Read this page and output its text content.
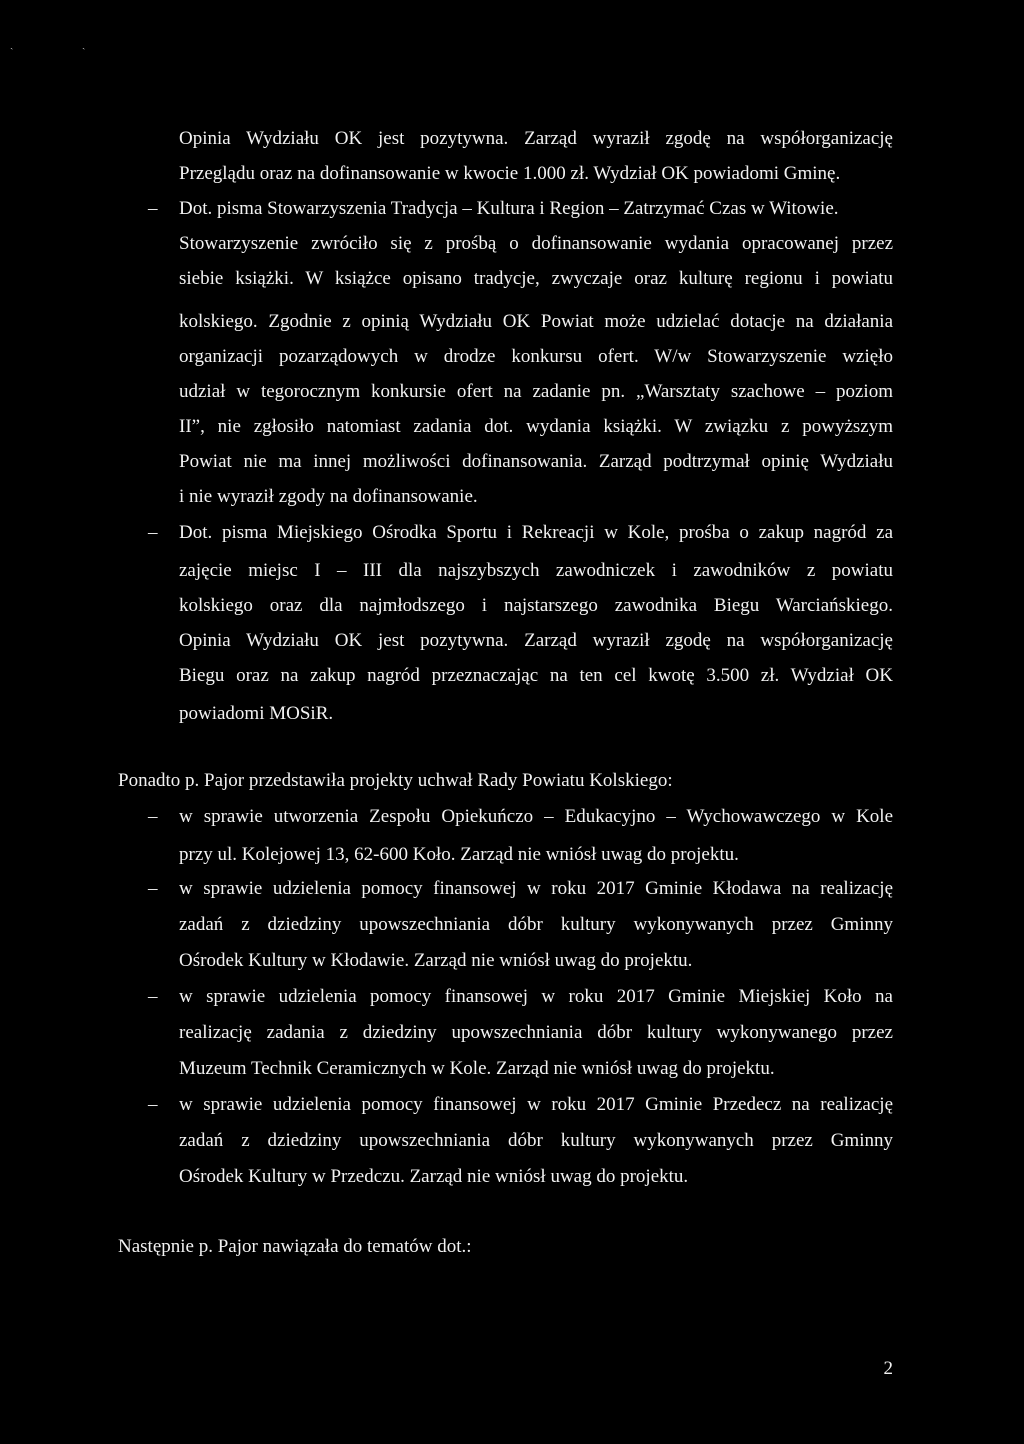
ˎ	ˎ
Opinia Wydziału OK jest pozytywna. Zarząd wyraził zgodę na współorganizację
Przeglądu oraz na dofinansowanie w kwocie 1.000 zł. Wydział OK powiadomi Gminę.
– Dot. pisma Stowarzyszenia Tradycja – Kultura i Region – Zatrzymać Czas w Witowie.
Stowarzyszenie zwróciło się z prośbą o dofinansowanie wydania opracowanej przez
siebie książki. W książce opisano tradycje, zwyczaje oraz kulturę regionu i powiatu
kolskiego. Zgodnie z opinią Wydziału OK Powiat może udzielać dotacje na działania
organizacji pozarządowych w drodze konkursu ofert. W/w Stowarzyszenie wzięło
udział w tegorocznym konkursie ofert na zadanie pn. „Warsztaty szachowe – poziom
II”, nie zgłosiło natomiast zadania dot. wydania książki. W związku z powyższym
Powiat nie ma innej możliwości dofinansowania. Zarząd podtrzymał opinię Wydziału
i nie wyraził zgody na dofinansowanie.
– Dot. pisma Miejskiego Ośrodka Sportu i Rekreacji w Kole, prośba o zakup nagród za
zajęcie miejsc I – III dla najszybszych zawodniczek i zawodników z powiatu
kolskiego oraz dla najmłodszego i najstarszego zawodnika Biegu Warciańskiego.
Opinia Wydziału OK jest pozytywna. Zarząd wyraził zgodę na współorganizację
Biegu oraz na zakup nagród przeznaczając na ten cel kwotę 3.500 zł. Wydział OK
powiadomi MOSiR.
Ponadto p. Pajor przedstawiła projekty uchwał Rady Powiatu Kolskiego:
– w sprawie utworzenia Zespołu Opiekuńczo – Edukacyjno – Wychowawczego w Kole
przy ul. Kolejowej 13, 62-600 Koło. Zarząd nie wniósł uwag do projektu.
– w sprawie udzielenia pomocy finansowej w roku 2017 Gminie Kłodawa na realizację
zadań z dziedziny upowszechniania dóbr kultury wykonywanych przez Gminny
Ośrodek Kultury w Kłodawie. Zarząd nie wniósł uwag do projektu.
– w sprawie udzielenia pomocy finansowej w roku 2017 Gminie Miejskiej Koło na
realizację zadania z dziedziny upowszechniania dóbr kultury wykonywanego przez
Muzeum Technik Ceramicznych w Kole. Zarząd nie wniósł uwag do projektu.
– w sprawie udzielenia pomocy finansowej w roku 2017 Gminie Przedecz na realizację
zadań z dziedziny upowszechniania dóbr kultury wykonywanych przez Gminny
Ośrodek Kultury w Przedczu. Zarząd nie wniósł uwag do projektu.
Następnie p. Pajor nawiązała do tematów dot.:
2
